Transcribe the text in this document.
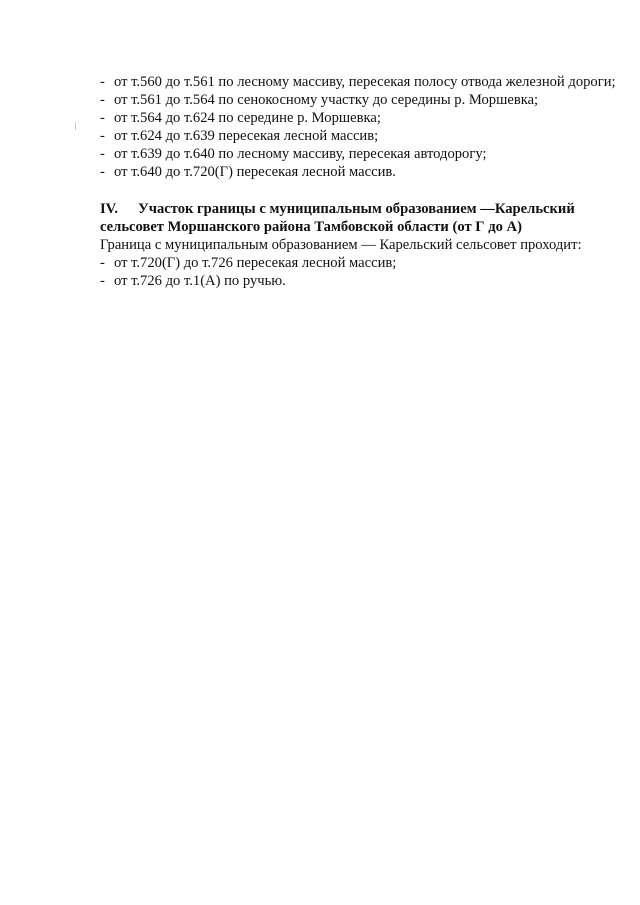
- от т.560 до т.561 по лесному массиву, пересекая полосу отвода железной дороги;

- от т.561 до т.564 по сенокосному участку до середины р. Моршевка;

- от т.564 до т.624 по середине р. Моршевка;

- от т.624 до т.639 пересекая лесной массив;

- от т.639 до т.640 по лесному массиву, пересекая автодорогу;

- от т.640 до т.720(Г) пересекая лесной массив.

IV. Участок границы с муниципальным образованием —Карельский сельсовет Моршанского района Тамбовской области (от Г до А)

Граница с муниципальным образованием — Карельский сельсовет проходит:

- от т.720(Г) до т.726 пересекая лесной массив;

- от т.726 до т.1(А) по ручью.
